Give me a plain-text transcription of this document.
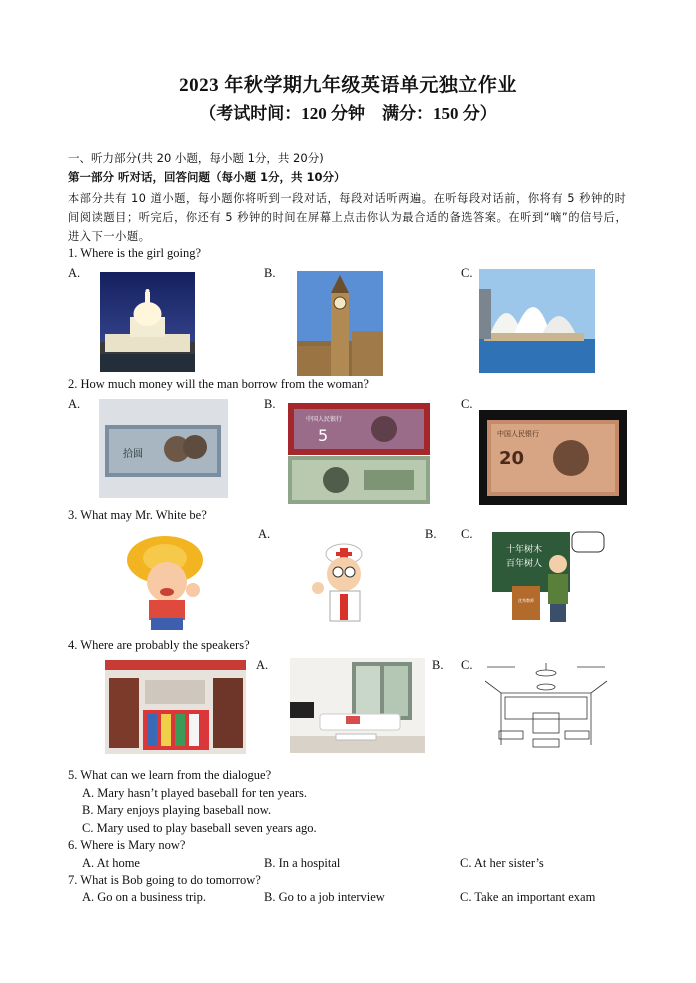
2023 年秋学期九年级英语单元独立作业
（考试时间：120 分钟　满分：150 分）
一、听力部分(共 20 小题，每小题 1分，共 20分)
第一部分 听对话，回答问题（每小题 1分，共 10分）
本部分共有 10 道小题，每小题你将听到一段对话，每段对话听两遍。在听每段对话前，你将有 5 秒钟的时间阅读题目；听完后，你还有 5 秒钟的时间在屏幕上点击你认为最合适的备选答案。在听到“嘀”的信号后，进入下一小题。
1. Where is the girl going?
A.	B.	C.
2. How much money will the man borrow from the woman?
A.	B.	C.
拾圆
中国人民银行
5	中国人民银行
20
3. What may Mr. White be?
A.	B. C.
十年树木
百年树人
优秀教师
4. Where are probably the speakers?
A.	B. C.
5. What can we learn from the dialogue?
A. Mary hasn’t played baseball for ten years.
B. Mary enjoys playing baseball now.
C. Mary used to play baseball seven years ago.
6. Where is Mary now?
A. At home	B. In a hospital	C. At her sister’s
7. What is Bob going to do tomorrow?
A. Go on a business trip.	B. Go to a job interview	C. Take an important exam
